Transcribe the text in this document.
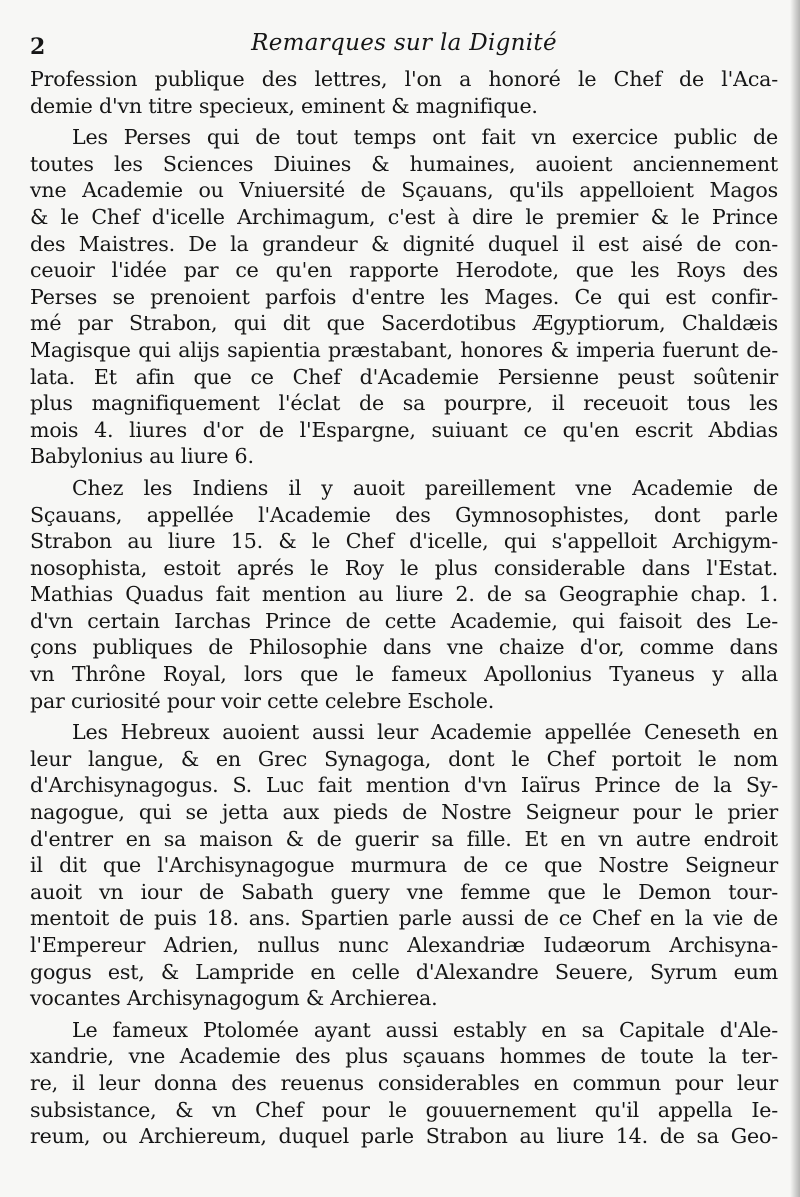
2	Remarques sur la Dignité
Profession publique des lettres, l'on a honoré le Chef de l'Aca-
demie d'vn titre specieux, eminent & magnifique.
Les Perses qui de tout temps ont fait vn exercice public de
toutes les Sciences Diuines & humaines, auoient anciennement
vne Academie ou Vniuersité de Sçauans, qu'ils appelloient Magos
& le Chef d'icelle Archimagum, c'est à dire le premier & le Prince
des Maistres. De la grandeur & dignité duquel il est aisé de con-
ceuoir l'idée par ce qu'en rapporte Herodote, que les Roys des
Perses se prenoient parfois d'entre les Mages. Ce qui est confir-
mé par Strabon, qui dit que Sacerdotibus Ægyptiorum, Chaldæis
Magisque qui alijs sapientia præstabant, honores & imperia fuerunt de-
lata. Et afin que ce Chef d'Academie Persienne peust soûtenir
plus magnifiquement l'éclat de sa pourpre, il receuoit tous les
mois 4. liures d'or de l'Espargne, suiuant ce qu'en escrit Abdias
Babylonius au liure 6.
Chez les Indiens il y auoit pareillement vne Academie de
Sçauans, appellée l'Academie des Gymnosophistes, dont parle
Strabon au liure 15. & le Chef d'icelle, qui s'appelloit Archigym-
nosophista, estoit aprés le Roy le plus considerable dans l'Estat.
Mathias Quadus fait mention au liure 2. de sa Geographie chap. 1.
d'vn certain Iarchas Prince de cette Academie, qui faisoit des Le-
çons publiques de Philosophie dans vne chaize d'or, comme dans
vn Thrône Royal, lors que le fameux Apollonius Tyaneus y alla
par curiosité pour voir cette celebre Eschole.
Les Hebreux auoient aussi leur Academie appellée Ceneseth en
leur langue, & en Grec Synagoga, dont le Chef portoit le nom
d'Archisynagogus. S. Luc fait mention d'vn Iaïrus Prince de la Sy-
nagogue, qui se jetta aux pieds de Nostre Seigneur pour le prier
d'entrer en sa maison & de guerir sa fille. Et en vn autre endroit
il dit que l'Archisynagogue murmura de ce que Nostre Seigneur
auoit vn iour de Sabath guery vne femme que le Demon tour-
mentoit de puis 18. ans. Spartien parle aussi de ce Chef en la vie de
l'Empereur Adrien, nullus nunc Alexandriæ Iudæorum Archisyna-
gogus est, & Lampride en celle d'Alexandre Seuere, Syrum eum
vocantes Archisynagogum & Archierea.
Le fameux Ptolomée ayant aussi estably en sa Capitale d'Ale-
xandrie, vne Academie des plus sçauans hommes de toute la ter-
re, il leur donna des reuenus considerables en commun pour leur
subsistance, & vn Chef pour le gouuernement qu'il appella Ie-
reum, ou Archiereum, duquel parle Strabon au liure 14. de sa Geo-
